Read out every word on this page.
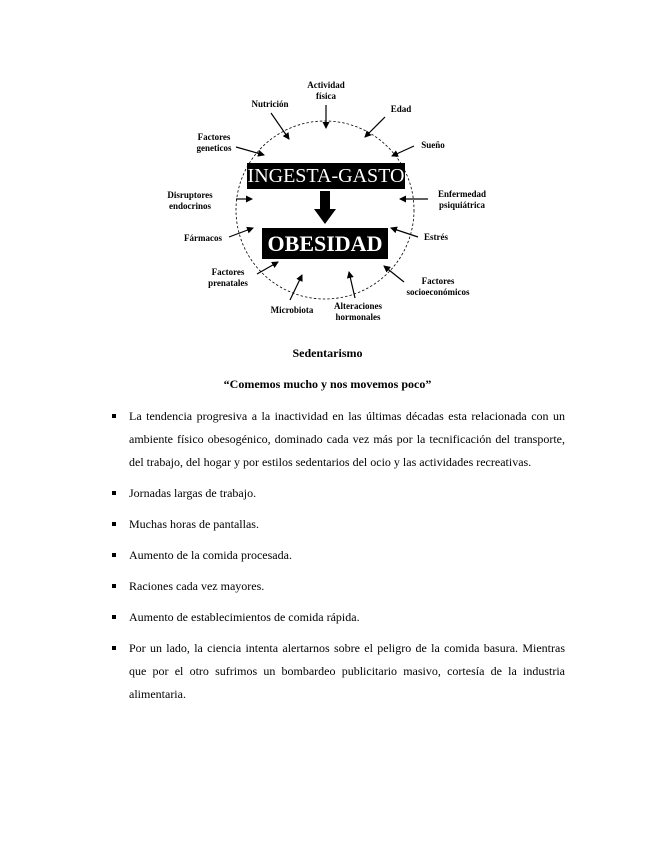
INGESTA-GASTO
OBESIDAD
Actividad
física
Nutrición	Edad
Factores
geneticos	Sueño
Disruptores
endocrinos
Enfermedad
psiquiátrica
Fármacos	Estrés
Factores
prenatales	Factores
socioeconómicos
Microbiota Alteraciones
hormonales
Sedentarismo
“Comemos mucho y nos movemos poco”
La tendencia progresiva a la inactividad en las últimas décadas esta relacionada con un ambiente físico obesogénico, dominado cada vez más por la tecnificación del transporte, del trabajo, del hogar y por estilos sedentarios del ocio y las actividades recreativas.
Jornadas largas de trabajo.
Muchas horas de pantallas.
Aumento de la comida procesada.
Raciones cada vez mayores.
Aumento de establecimientos de comida rápida.
Por un lado, la ciencia intenta alertarnos sobre el peligro de la comida basura. Mientras que por el otro sufrimos un bombardeo publicitario masivo, cortesía de la industria alimentaria.
